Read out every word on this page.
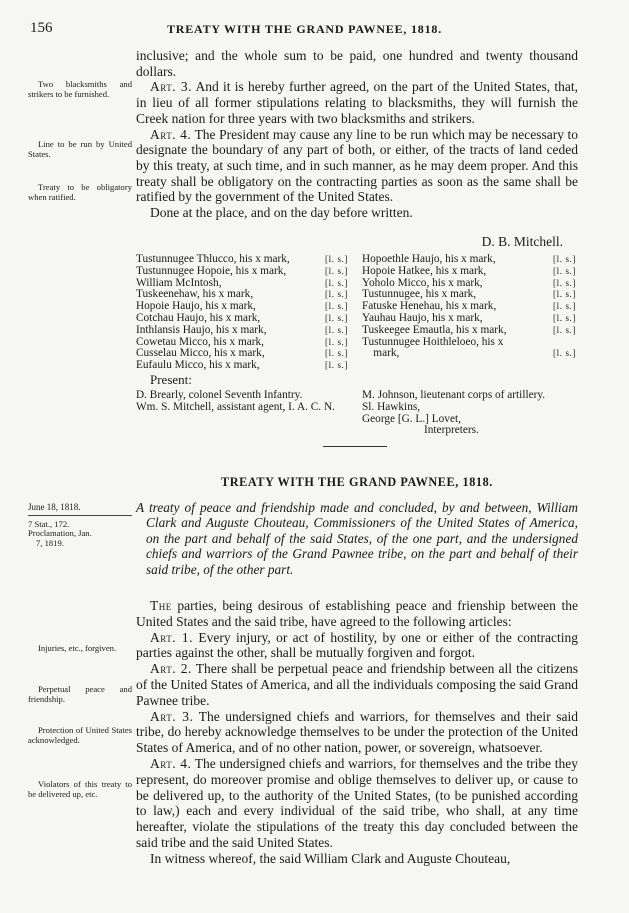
156	TREATY WITH THE GRAND PAWNEE, 1818.

inclusive; and the whole sum to be paid, one hundred and twenty thousand dollars.

Art. 3. And it is hereby further agreed, on the part of the United States, that, in lieu of all former stipulations relating to blacksmiths, they will furnish the Creek nation for three years with two blacksmiths and strikers.

Art. 4. The President may cause any line to be run which may be necessary to designate the boundary of any part of both, or either, of the tracts of land ceded by this treaty, at such time, and in such manner, as he may deem proper. And this treaty shall be obligatory on the contracting parties as soon as the same shall be ratified by the government of the United States.

Done at the place, and on the day before written.

Two blacksmiths and strikers to be furnished.
Line to be run by United States.
Treaty to be obligatory when ratified.
D. B. Mitchell.
Tustunnugee Thlucco, his x mark,	[l. s.]
Tustunnugee Hopoie, his x mark,	[l. s.]
William McIntosh,	[l. s.]
Tuskeenehaw, his x mark,	[l. s.]
Hopoie Haujo, his x mark,	[l. s.]
Cotchau Haujo, his x mark,	[l. s.]
Inthlansis Haujo, his x mark,	[l. s.]
Cowetau Micco, his x mark,	[l. s.]
Cusselau Micco, his x mark,	[l. s.]
Eufaulu Micco, his x mark,	[l. s.]
Hopoethle Haujo, his x mark,	[l. s.]
Hopoie Hatkee, his x mark,	[l. s.]
Yoholo Micco, his x mark,	[l. s.]
Tustunnugee, his x mark,	[l. s.]
Fatuske Henehau, his x mark,	[l. s.]
Yauhau Haujo, his x mark,	[l. s.]
Tuskeegee Emautla, his x mark,	[l. s.]
Tustunnugee Hoithleloeo, his x
mark,	[l. s.]
Present:
D. Brearly, colonel Seventh Infantry.
Wm. S. Mitchell, assistant agent, I. A. C. N.
M. Johnson, lieutenant corps of artillery.
Sl. Hawkins,
George [G. L.] Lovet,
Interpreters.
TREATY WITH THE GRAND PAWNEE, 1818.
June 18, 1818.
7 Stat., 172.
Proclamation, Jan.
7, 1819.

A treaty of peace and friendship made and concluded, by and between, William Clark and Auguste Chouteau, Commissioners of the United States of America, on the part and behalf of the said States, of the one part, and the undersigned chiefs and warriors of the Grand Pawnee tribe, on the part and behalf of their said tribe, of the other part.

The parties, being desirous of establishing peace and frienship between the United States and the said tribe, have agreed to the following articles:

Art. 1. Every injury, or act of hostility, by one or either of the contracting parties against the other, shall be mutually forgiven and forgot.

Art. 2. There shall be perpetual peace and friendship between all the citizens of the United States of America, and all the individuals composing the said Grand Pawnee tribe.

Art. 3. The undersigned chiefs and warriors, for themselves and their said tribe, do hereby acknowledge themselves to be under the protection of the United States of America, and of no other nation, power, or sovereign, whatsoever.

Art. 4. The undersigned chiefs and warriors, for themselves and the tribe they represent, do moreover promise and oblige themselves to deliver up, or cause to be delivered up, to the authority of the United States, (to be punished according to law,) each and every individual of the said tribe, who shall, at any time hereafter, violate the stipulations of the treaty this day concluded between the said tribe and the said United States.

In witness whereof, the said William Clark and Auguste Chouteau,

Injuries, etc., forgiven.
Perpetual peace and friendship.
Protection of United States acknowledged.
Violators of this treaty to be delivered up, etc.
